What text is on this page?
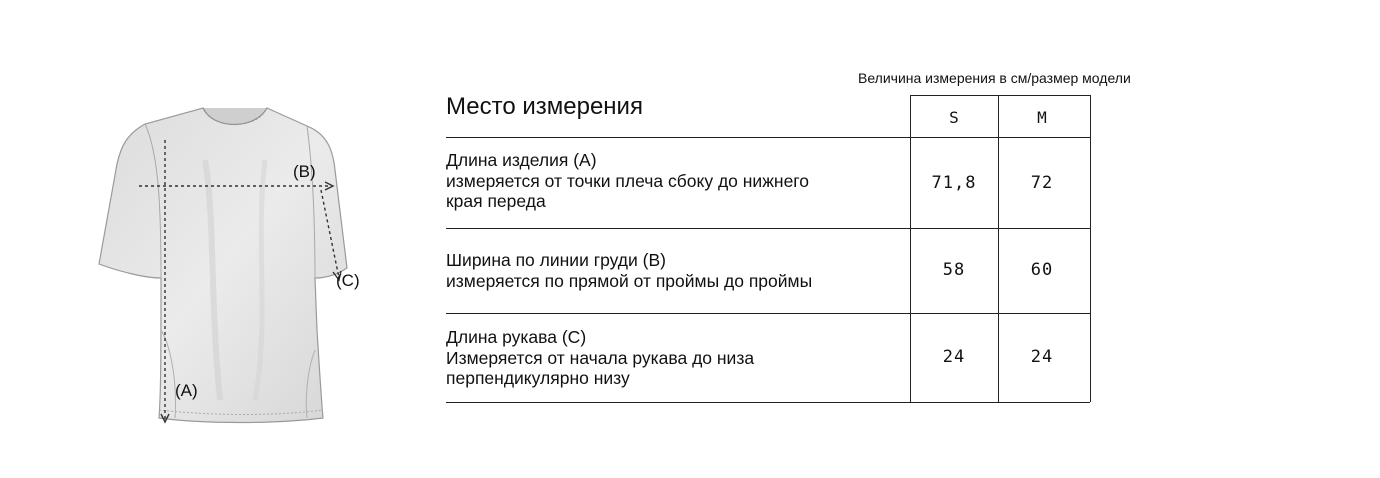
(B)
(C)
(A)
Величина измерения в см/размер модели
Место измерения	S	M
Длина изделия (A)
измеряется от точки плеча сбоку до нижнего
края переда
71,8	72
Ширина по линии груди (B)
измеряется по прямой от проймы до проймы
58	60
Длина рукава (C)
Измеряется от начала рукава до низа
перпендикулярно низу
24	24
